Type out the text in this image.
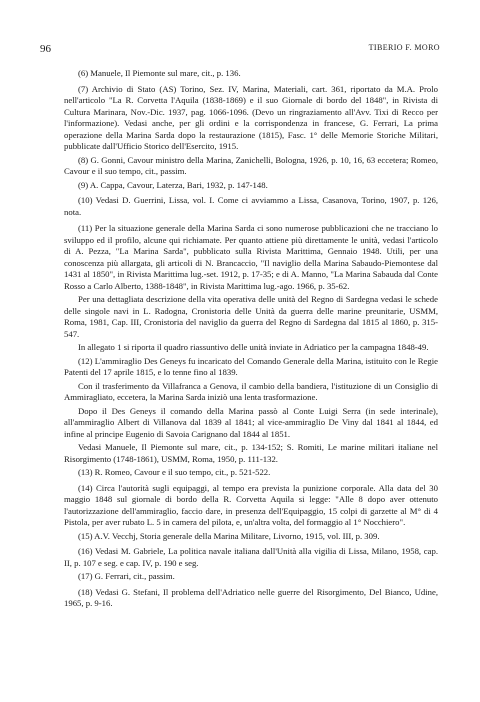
96	TIBERIO F. MORO

(6) Manuele, Il Piemonte sul mare, cit., p. 136.

(7) Archivio di Stato (AS) Torino, Sez. IV, Marina, Materiali, cart. 361, riportato da M.A. Prolo nell'articolo "La R. Corvetta l'Aquila (1838-1869) e il suo Giornale di bordo del 1848", in Rivista di Cultura Marinara, Nov.-Dic. 1937, pag. 1066-1096. (Devo un ringraziamento all'Avv. Tixi di Recco per l'informazione). Vedasi anche, per gli ordini e la corrispondenza in francese, G. Ferrari, La prima operazione della Marina Sarda dopo la restaurazione (1815), Fasc. 1° delle Memorie Storiche Militari, pubblicate dall'Ufficio Storico dell'Esercito, 1915.

(8) G. Gonni, Cavour ministro della Marina, Zanichelli, Bologna, 1926, p. 10, 16, 63 eccetera; Romeo, Cavour e il suo tempo, cit., passim.

(9) A. Cappa, Cavour, Laterza, Bari, 1932, p. 147-148.

(10) Vedasi D. Guerrini, Lissa, vol. I. Come ci avviammo a Lissa, Casanova, Torino, 1907, p. 126, nota.

(11) Per la situazione generale della Marina Sarda ci sono numerose pubblicazioni che ne tracciano lo sviluppo ed il profilo, alcune qui richiamate. Per quanto attiene più direttamente le unità, vedasi l'articolo di A. Pezza, "La Marina Sarda", pubblicato sulla Rivista Marittima, Gennaio 1948. Utili, per una conoscenza più allargata, gli articoli di N. Brancaccio, "Il naviglio della Marina Sabaudo-Piemontese dal 1431 al 1850", in Rivista Marittima lug.-set. 1912, p. 17-35; e di A. Manno, "La Marina Sabauda dal Conte Rosso a Carlo Alberto, 1388-1848", in Rivista Marittima lug.-ago. 1966, p. 35-62.

Per una dettagliata descrizione della vita operativa delle unità del Regno di Sardegna vedasi le schede delle singole navi in L. Radogna, Cronistoria delle Unità da guerra delle marine preunitarie, USMM, Roma, 1981, Cap. III, Cronistoria del naviglio da guerra del Regno di Sardegna dal 1815 al 1860, p. 315-547.

In allegato 1 si riporta il quadro riassuntivo delle unità inviate in Adriatico per la campagna 1848-49.

(12) L'ammiraglio Des Geneys fu incaricato del Comando Generale della Marina, istituito con le Regie Patenti del 17 aprile 1815, e lo tenne fino al 1839.

Con il trasferimento da Villafranca a Genova, il cambio della bandiera, l'istituzione di un Consiglio di Ammiragliato, eccetera, la Marina Sarda iniziò una lenta trasformazione.

Dopo il Des Geneys il comando della Marina passò al Conte Luigi Serra (in sede interinale), all'ammiraglio Albert di Villanova dal 1839 al 1841; al vice-ammiraglio De Viny dal 1841 al 1844, ed infine al principe Eugenio di Savoia Carignano dal 1844 al 1851.

Vedasi Manuele, Il Piemonte sul mare, cit., p. 134-152; S. Romiti, Le marine militari italiane nel Risorgimento (1748-1861), USMM, Roma, 1950, p. 111-132.

(13) R. Romeo, Cavour e il suo tempo, cit., p. 521-522.

(14) Circa l'autorità sugli equipaggi, al tempo era prevista la punizione corporale. Alla data del 30 maggio 1848 sul giornale di bordo della R. Corvetta Aquila si legge: "Alle 8 dopo aver ottenuto l'autorizzazione dell'ammiraglio, faccio dare, in presenza dell'Equipaggio, 15 colpi di garzette al M° di 4 Pistola, per aver rubato L. 5 in camera del pilota, e, un'altra volta, del formaggio al 1° Nocchiero".

(15) A.V. Vecchj, Storia generale della Marina Militare, Livorno, 1915, vol. III, p. 309.

(16) Vedasi M. Gabriele, La politica navale italiana dall'Unità alla vigilia di Lissa, Milano, 1958, cap. II, p. 107 e seg. e cap. IV, p. 190 e seg.

(17) G. Ferrari, cit., passim.

(18) Vedasi G. Stefani, Il problema dell'Adriatico nelle guerre del Risorgimento, Del Bianco, Udine, 1965, p. 9-16.
